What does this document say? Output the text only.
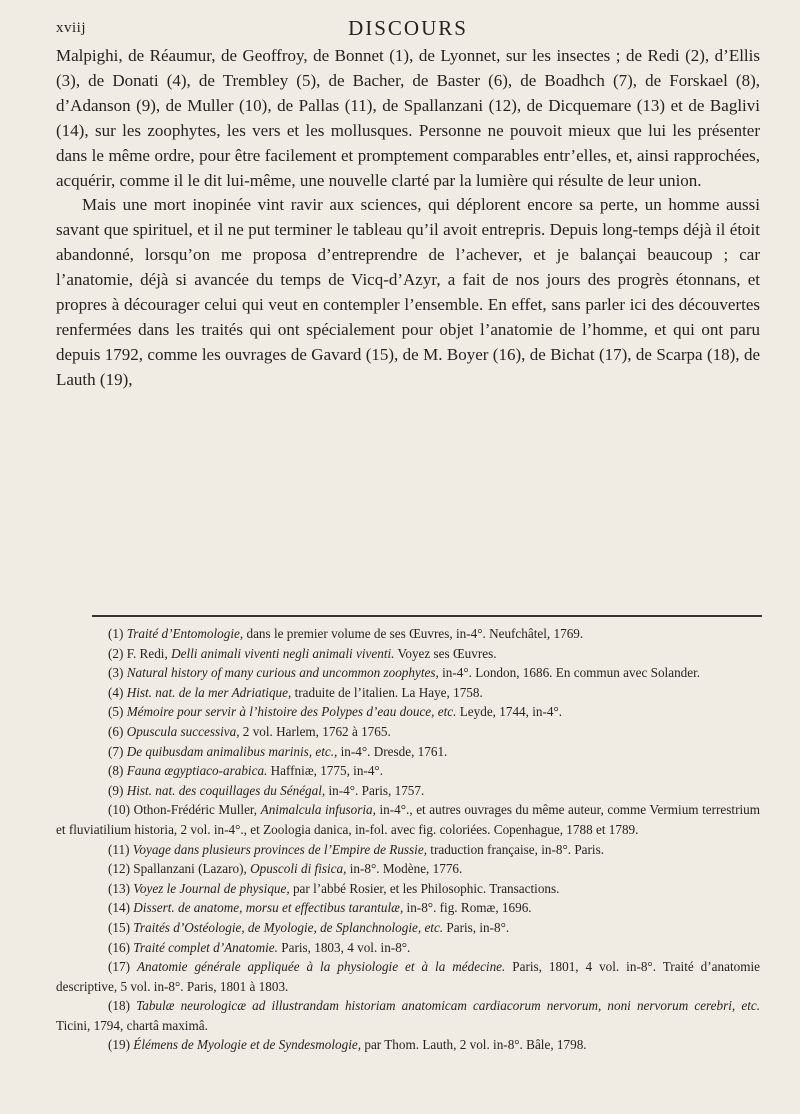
xviij	DISCOURS

Malpighi, de Réaumur, de Geoffroy, de Bonnet (1), de Lyonnet, sur les insectes ; de Redi (2), d’Ellis (3), de Donati (4), de Trembley (5), de Bacher, de Baster (6), de Boadhch (7), de Forskael (8), d’Adanson (9), de Muller (10), de Pallas (11), de Spallanzani (12), de Dicquemare (13) et de Baglivi (14), sur les zoophytes, les vers et les mollusques. Personne ne pouvoit mieux que lui les présenter dans le même ordre, pour être facilement et promptement comparables entr’elles, et, ainsi rapprochées, acquérir, comme il le dit lui-même, une nouvelle clarté par la lumière qui résulte de leur union.

Mais une mort inopinée vint ravir aux sciences, qui déplorent encore sa perte, un homme aussi savant que spirituel, et il ne put terminer le tableau qu’il avoit entrepris. Depuis long-temps déjà il étoit abandonné, lorsqu’on me proposa d’entreprendre de l’achever, et je balançai beaucoup ; car l’anatomie, déjà si avancée du temps de Vicq-d’Azyr, a fait de nos jours des progrès étonnans, et propres à décourager celui qui veut en contempler l’ensemble. En effet, sans parler ici des découvertes renfermées dans les traités qui ont spécialement pour objet l’anatomie de l’homme, et qui ont paru depuis 1792, comme les ouvrages de Gavard (15), de M. Boyer (16), de Bichat (17), de Scarpa (18), de Lauth (19),

(1) Traité d’Entomologie, dans le premier volume de ses Œuvres, in-4°. Neufchâtel, 1769.

(2) F. Redi, Delli animali viventi negli animali viventi. Voyez ses Œuvres.

(3) Natural history of many curious and uncommon zoophytes, in-4°. London, 1686. En commun avec Solander.

(4) Hist. nat. de la mer Adriatique, traduite de l’italien. La Haye, 1758.

(5) Mémoire pour servir à l’histoire des Polypes d’eau douce, etc. Leyde, 1744, in-4°.

(6) Opuscula successiva, 2 vol. Harlem, 1762 à 1765.

(7) De quibusdam animalibus marinis, etc., in-4°. Dresde, 1761.

(8) Fauna ægyptiaco-arabica. Haffniæ, 1775, in-4°.

(9) Hist. nat. des coquillages du Sénégal, in-4°. Paris, 1757.

(10) Othon-Frédéric Muller, Animalcula infusoria, in-4°., et autres ouvrages du même auteur, comme Vermium terrestrium et fluviatilium historia, 2 vol. in-4°., et Zoologia danica, in-fol. avec fig. coloriées. Copenhague, 1788 et 1789.

(11) Voyage dans plusieurs provinces de l’Empire de Russie, traduction française, in-8°. Paris.

(12) Spallanzani (Lazaro), Opuscoli di fisica, in-8°. Modène, 1776.

(13) Voyez le Journal de physique, par l’abbé Rosier, et les Philosophic. Transactions.

(14) Dissert. de anatome, morsu et effectibus tarantulæ, in-8°. fig. Romæ, 1696.

(15) Traités d’Ostéologie, de Myologie, de Splanchnologie, etc. Paris, in-8°.

(16) Traité complet d’Anatomie. Paris, 1803, 4 vol. in-8°.

(17) Anatomie générale appliquée à la physiologie et à la médecine. Paris, 1801, 4 vol. in-8°. Traité d’anatomie descriptive, 5 vol. in-8°. Paris, 1801 à 1803.

(18) Tabulæ neurologicæ ad illustrandam historiam anatomicam cardiacorum nervorum, noni nervorum cerebri, etc. Ticini, 1794, chartâ maximâ.

(19) Élémens de Myologie et de Syndesmologie, par Thom. Lauth, 2 vol. in-8°. Bâle, 1798.
